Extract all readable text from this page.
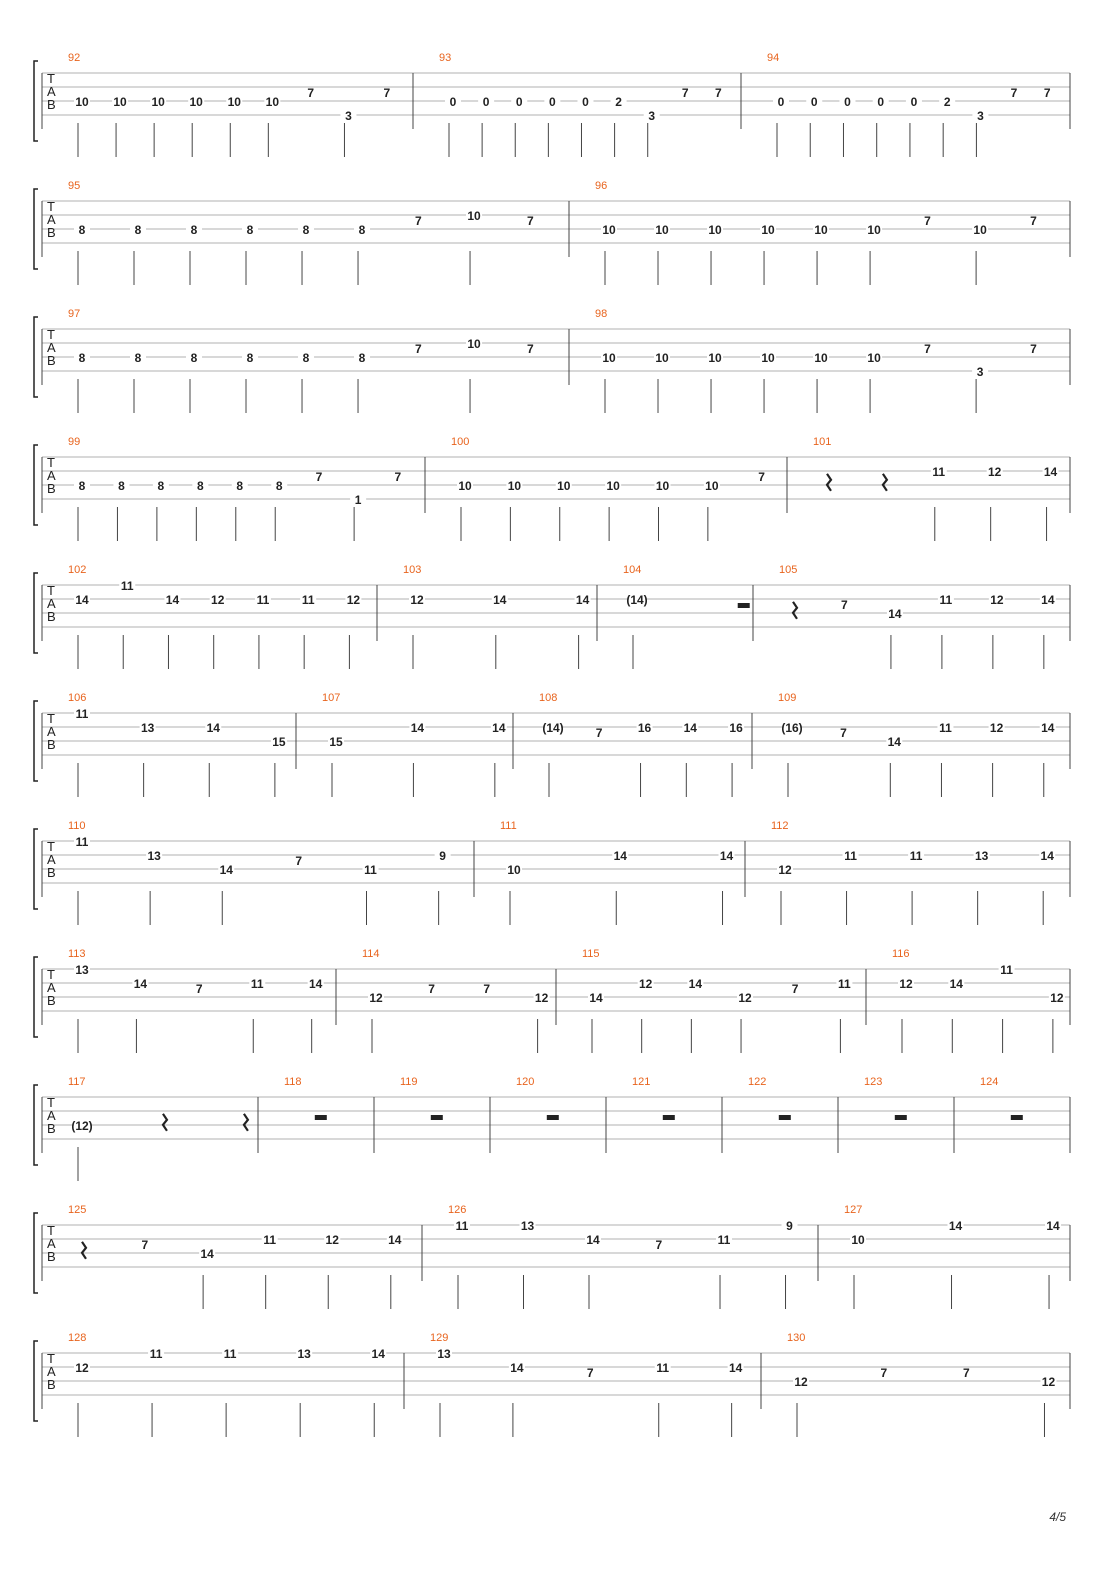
T
A
B
92
10 10 10 10 10 10
7
3
7
93
0 0 0 0 0 2
3
7 7
94
0 0 0 0 0 2
3
7 7
T
A
B
95
8	8	8	8	8	8
7	10	7
96
10	10	10	10	10	10
7
10
7
T
A
B
97
8	8	8	8	8	8
7	10	7
98
10	10	10	10	10	10
7
3
7
T
A
B
99
8	8	8	8	8	8
7
1
7
100
10	10	10	10	10	10
7
101
11	12	14
T
A
B
102
14
11
14	12	11	11	12
103
12	14	14
104
(14)
105
7
14
11	12	14
T
A
B
106
11
13	14
15
107
15
14	14
108
(14)	7	16	14	16
109
(16)	7
14
11	12	14
T
A
B
110
11
13
14
7
11
9
111
10
14	14
112
12
11	11	13	14
T
A
B
113
13
14	7	11	14
114
12
7	7
12
115
14
12	14
12
7	11
116
12	14
11
12
T
A
B
117
(12)
118	119	120	121	122	123	124
T
A
B
125
7
14
11	12	14
126
11	13
14	7	11
9
127
10
14	14
T
A
B
128
12
11	11	13	14
129
13
14	7	11	14
130
12
7	7
12
4/5
